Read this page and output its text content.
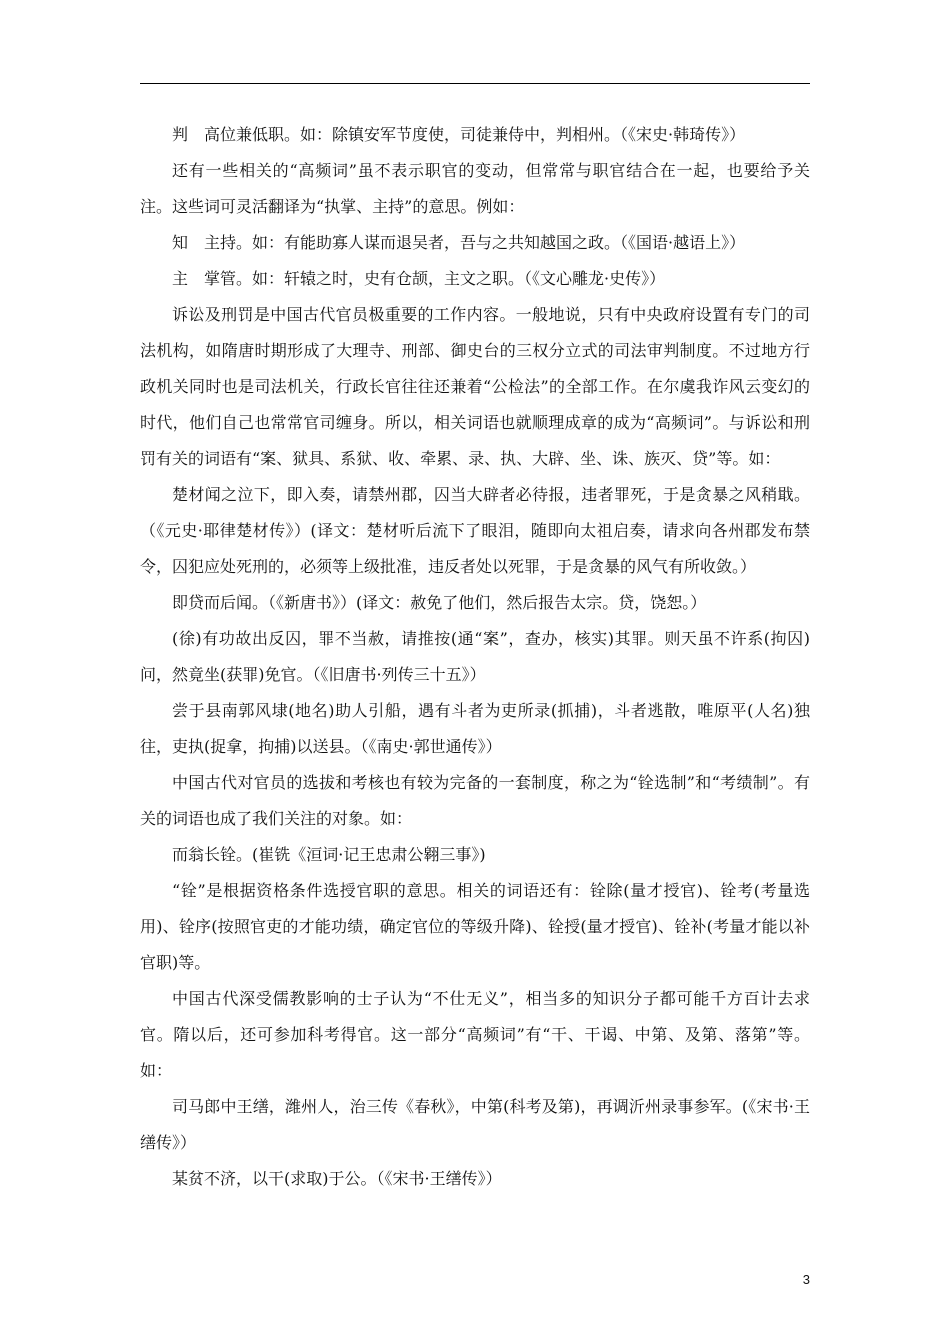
判　高位兼低职。如：除镇安军节度使，司徒兼侍中，判相州。（《宋史·韩琦传》）

还有一些相关的“高频词”虽不表示职官的变动，但常常与职官结合在一起，也要给予关注。这些词可灵活翻译为“执掌、主持”的意思。例如：

知　主持。如：有能助寡人谋而退吴者，吾与之共知越国之政。（《国语·越语上》）

主　掌管。如：轩辕之时，史有仓颉，主文之职。（《文心雕龙·史传》）

诉讼及刑罚是中国古代官员极重要的工作内容。一般地说，只有中央政府设置有专门的司法机构，如隋唐时期形成了大理寺、刑部、御史台的三权分立式的司法审判制度。不过地方行政机关同时也是司法机关，行政长官往往还兼着“公检法”的全部工作。在尔虞我诈风云变幻的时代，他们自己也常常官司缠身。所以，相关词语也就顺理成章的成为“高频词”。与诉讼和刑罚有关的词语有“案、狱具、系狱、收、牵累、录、执、大辟、坐、诛、族灭、贷”等。如：

楚材闻之泣下，即入奏，请禁州郡，囚当大辟者必待报，违者罪死，于是贪暴之风稍戢。（《元史·耶律楚材传》）(译文：楚材听后流下了眼泪，随即向太祖启奏，请求向各州郡发布禁令，囚犯应处死刑的，必须等上级批准，违反者处以死罪，于是贪暴的风气有所收敛。）

即贷而后闻。（《新唐书》）(译文：赦免了他们，然后报告太宗。贷，饶恕。）

(徐)有功故出反囚，罪不当赦，请推按(通“案”，查办，核实)其罪。则天虽不许系(拘囚)问，然竟坐(获罪)免官。（《旧唐书·列传三十五》）

尝于县南郭风埭(地名)助人引船，遇有斗者为吏所录(抓捕)，斗者逃散，唯原平(人名)独往，吏执(捉拿，拘捕)以送县。（《南史·郭世通传》）

中国古代对官员的选拔和考核也有较为完备的一套制度，称之为“铨选制”和“考绩制”。有关的词语也成了我们关注的对象。如：

而翁长铨。(崔铣《洹词·记王忠肃公翱三事》)

“铨”是根据资格条件选授官职的意思。相关的词语还有：铨除(量才授官)、铨考(考量选用)、铨序(按照官吏的才能功绩，确定官位的等级升降)、铨授(量才授官)、铨补(考量才能以补官职)等。

中国古代深受儒教影响的士子认为“不仕无义”，相当多的知识分子都可能千方百计去求官。隋以后，还可参加科考得官。这一部分“高频词”有“干、干谒、中第、及第、落第”等。如：

司马郎中王缮，潍州人，治三传《春秋》，中第(科考及第)，再调沂州录事参军。(《宋书·王缮传》）

某贫不济，以干(求取)于公。（《宋书·王缮传》）

3
